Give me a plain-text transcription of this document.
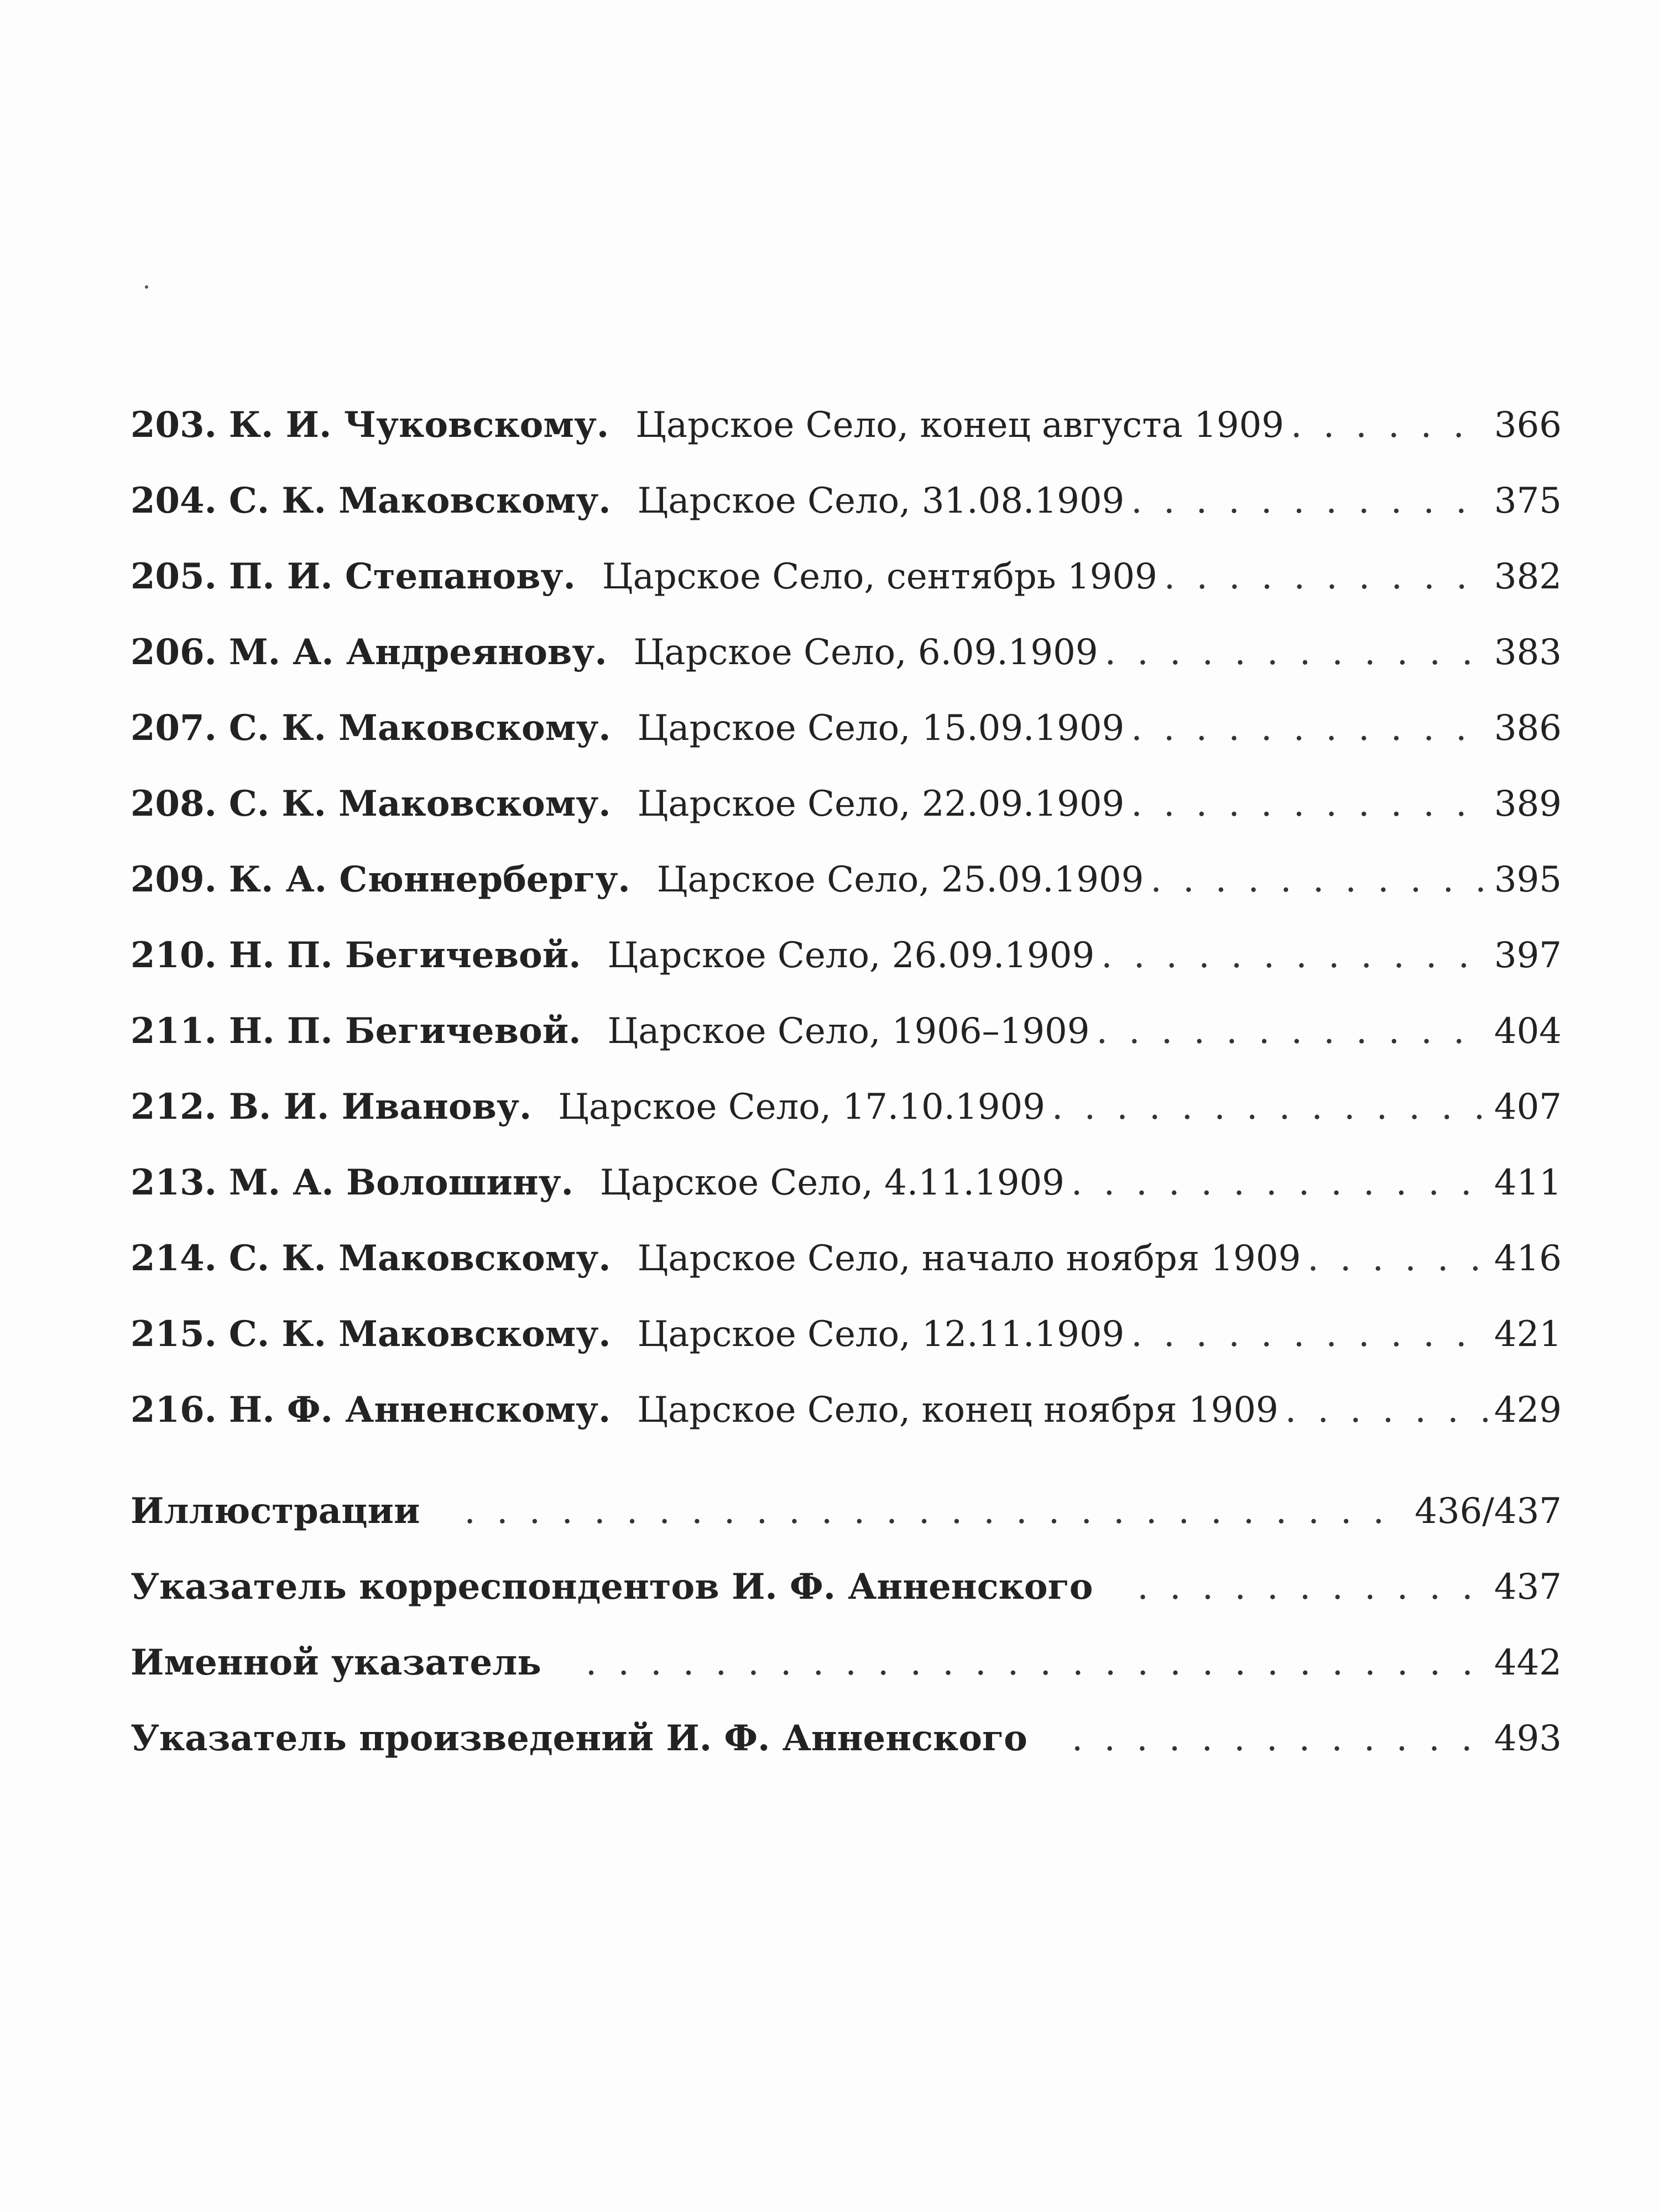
203. К. И. Чуковскому. Царское Село, конец августа 1909 . . .	366
204. С. К. Маковскому. Царское Село, 31.08.1909 . . .	375
205. П. И. Степанову. Царское Село, сентябрь 1909 . . .	382
206. М. А. Андреянову. Царское Село, 6.09.1909 . . .	383
207. С. К. Маковскому. Царское Село, 15.09.1909 . . .	386
208. С. К. Маковскому. Царское Село, 22.09.1909 . . .	389
209. К. А. Сюннербергу. Царское Село, 25.09.1909 . . .	395
210. Н. П. Бегичевой. Царское Село, 26.09.1909 . . .	397
211. Н. П. Бегичевой. Царское Село, 1906–1909 . . .	404
212. В. И. Иванову. Царское Село, 17.10.1909 . . .	407
213. М. А. Волошину. Царское Село, 4.11.1909 . . .	411
214. С. К. Маковскому. Царское Село, начало ноября 1909 . . .	416
215. С. К. Маковскому. Царское Село, 12.11.1909 . . .	421
216. Н. Ф. Анненскому. Царское Село, конец ноября 1909 . . .	429
Иллюстрации . . .	436/437
Указатель корреспондентов И. Ф. Анненского . . .	437
Именной указатель . . .	442
Указатель произведений И. Ф. Анненского . . .	493
